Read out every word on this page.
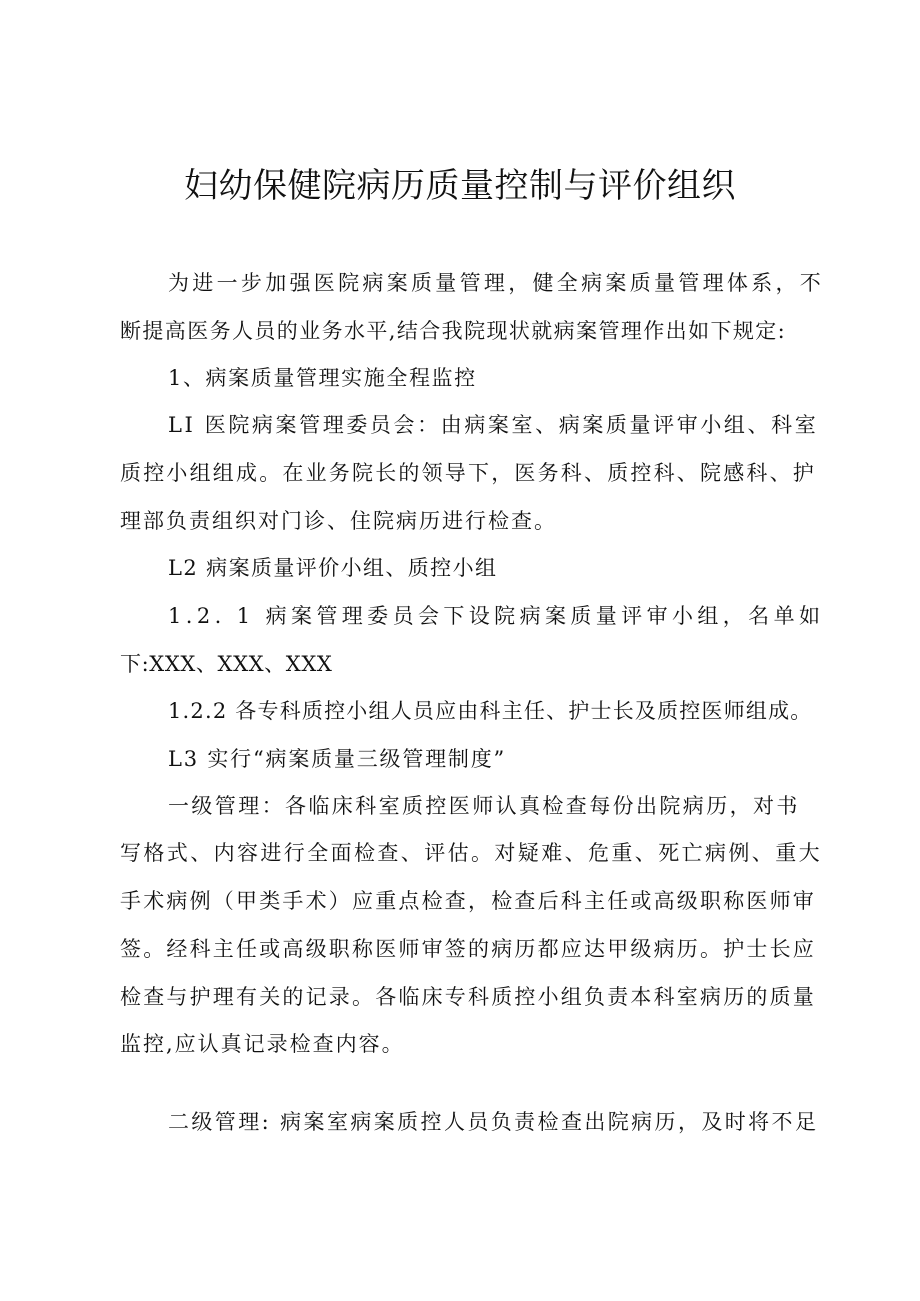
妇幼保健院病历质量控制与评价组织
为进一步加强医院病案质量管理，健全病案质量管理体系，不
断提高医务人员的业务水平,结合我院现状就病案管理作出如下规定:
1、病案质量管理实施全程监控
LI 医院病案管理委员会：由病案室、病案质量评审小组、科室
质控小组组成。在业务院长的领导下，医务科、质控科、院感科、护
理部负责组织对门诊、住院病历进行检查。
L2 病案质量评价小组、质控小组
1.2. 1 病案管理委员会下设院病案质量评审小组，名单如
下:XXX、XXX、XXX
1.2.2 各专科质控小组人员应由科主任、护士长及质控医师组成。
L3 实行“病案质量三级管理制度”
一级管理：各临床科室质控医师认真检查每份出院病历，对书
写格式、内容进行全面检查、评估。对疑难、危重、死亡病例、重大
手术病例（甲类手术）应重点检查，检查后科主任或高级职称医师审
签。经科主任或高级职称医师审签的病历都应达甲级病历。护士长应
检查与护理有关的记录。各临床专科质控小组负责本科室病历的质量
监控,应认真记录检查内容。
二级管理: 病案室病案质控人员负责检查出院病历，及时将不足
